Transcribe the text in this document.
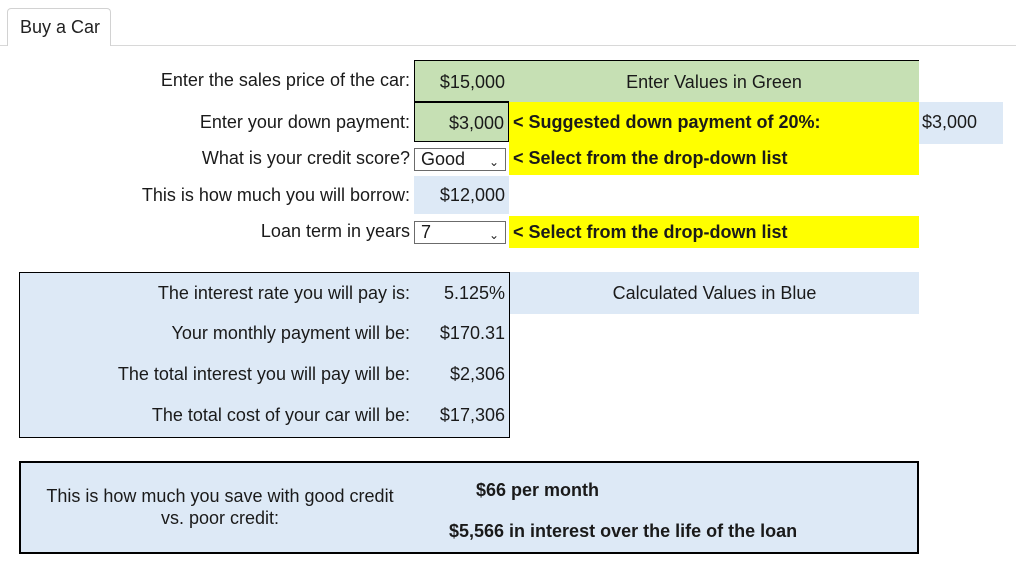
Buy a Car
Enter the sales price of the car:	$15,000	Enter Values in Green
Enter your down payment:	$3,000 < Suggested down payment of 20%:	$3,000
What is your credit score? Good ⌄ < Select from the drop-down list
This is how much you will borrow:	$12,000
Loan term in years 7	⌄ < Select from the drop-down list
The interest rate you will pay is:	5.125%	Calculated Values in Blue
Your monthly payment will be:	$170.31
The total interest you will pay will be:	$2,306
The total cost of your car will be:	$17,306
This is how much you save with good credit
vs. poor credit:
$66 per month
$5,566 in interest over the life of the loan
